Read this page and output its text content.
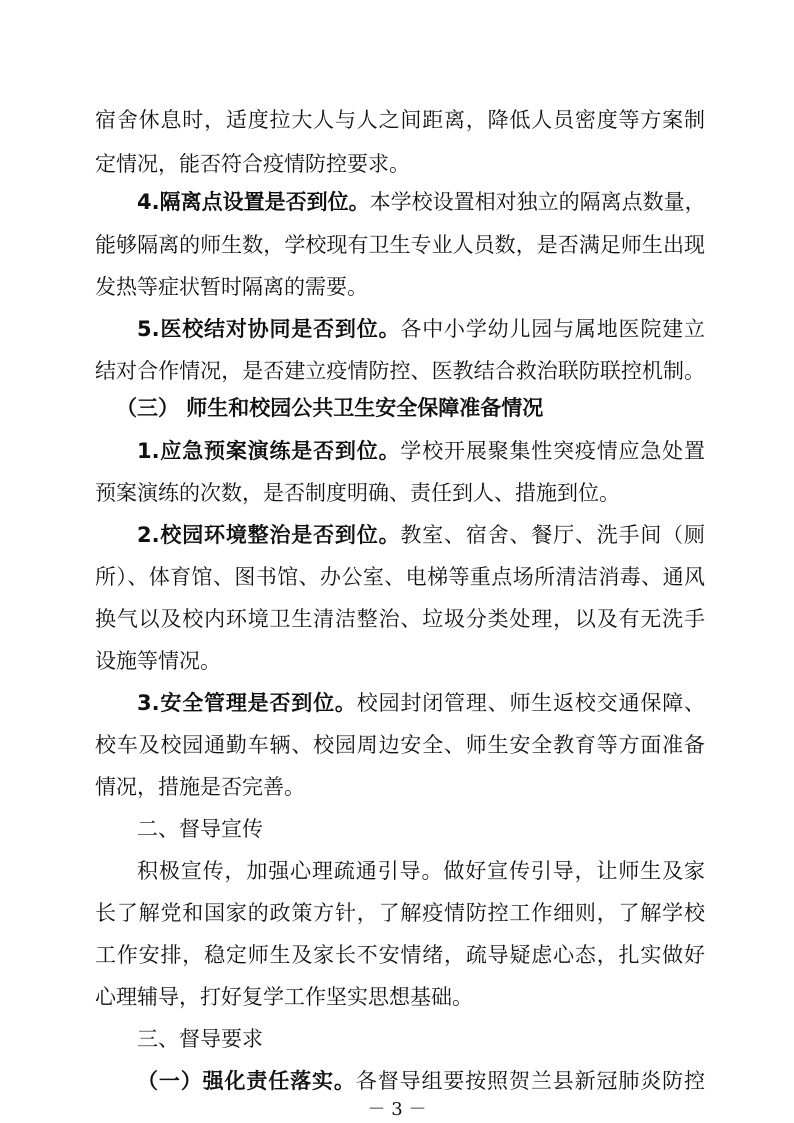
宿舍休息时，适度拉大人与人之间距离，降低人员密度等方案制
定情况，能否符合疫情防控要求。
4.隔离点设置是否到位。本学校设置相对独立的隔离点数量，
能够隔离的师生数，学校现有卫生专业人员数，是否满足师生出现
发热等症状暂时隔离的需要。
5.医校结对协同是否到位。各中小学幼儿园与属地医院建立
结对合作情况，是否建立疫情防控、医教结合救治联防联控机制。
（三） 师生和校园公共卫生安全保障准备情况
1.应急预案演练是否到位。学校开展聚集性突疫情应急处置
预案演练的次数，是否制度明确、责任到人、措施到位。
2.校园环境整治是否到位。教室、宿舍、餐厅、洗手间（厕
所）、体育馆、图书馆、办公室、电梯等重点场所清洁消毒、通风
换气以及校内环境卫生清洁整治、垃圾分类处理，以及有无洗手
设施等情况。
3.安全管理是否到位。校园封闭管理、师生返校交通保障、
校车及校园通勤车辆、校园周边安全、师生安全教育等方面准备
情况，措施是否完善。
二、督导宣传
积极宣传，加强心理疏通引导。做好宣传引导，让师生及家
长了解党和国家的政策方针，了解疫情防控工作细则，了解学校
工作安排，稳定师生及家长不安情绪，疏导疑虑心态，扎实做好
心理辅导，打好复学工作坚实思想基础。
三、督导要求
（一）强化责任落实。各督导组要按照贺兰县新冠肺炎防控
－ 3 －
